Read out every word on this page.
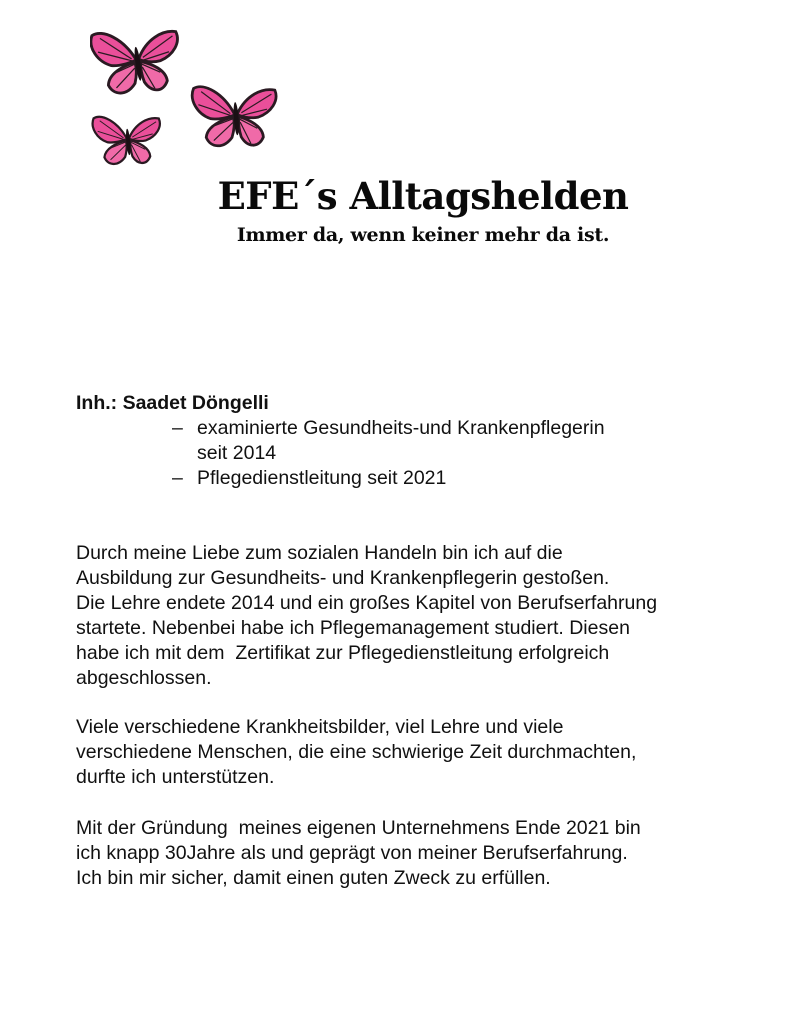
EFE´s Alltagshelden
Immer da, wenn keiner mehr da ist.
Inh.: Saadet Döngelli
– examinierte Gesundheits-und Krankenpflegerin
seit 2014
– Pflegedienstleitung seit 2021
Durch meine Liebe zum sozialen Handeln bin ich auf die
Ausbildung zur Gesundheits- und Krankenpflegerin gestoßen.
Die Lehre endete 2014 und ein großes Kapitel von Berufserfahrung
startete. Nebenbei habe ich Pflegemanagement studiert. Diesen
habe ich mit dem  Zertifikat zur Pflegedienstleitung erfolgreich
abgeschlossen.
Viele verschiedene Krankheitsbilder, viel Lehre und viele
verschiedene Menschen, die eine schwierige Zeit durchmachten,
durfte ich unterstützen.
Mit der Gründung  meines eigenen Unternehmens Ende 2021 bin
ich knapp 30Jahre als und geprägt von meiner Berufserfahrung.
Ich bin mir sicher, damit einen guten Zweck zu erfüllen.
